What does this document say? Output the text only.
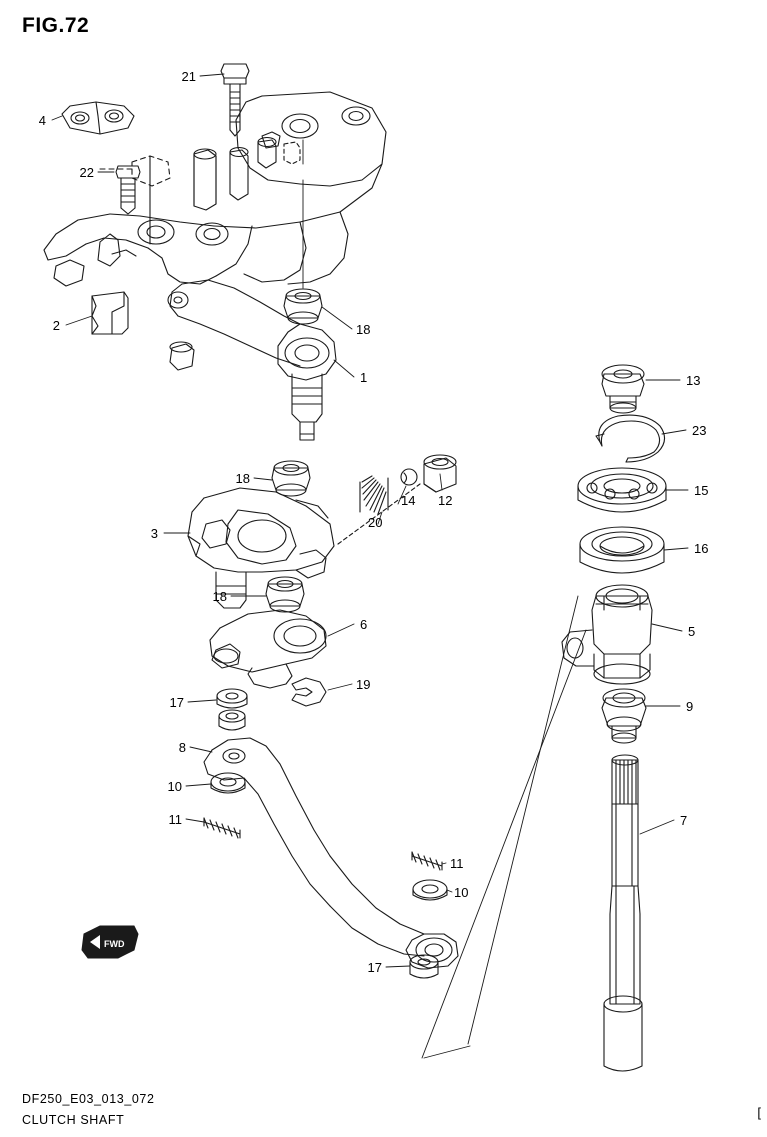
FIG.72
4
21
22
2	18
1	13
23
15
16
18
12
14
20
3
5
18
6
19
9
17
8
10
11	7
11
10
17
FWD
DF250_E03_013_072
CLUTCH SHAFT	[
